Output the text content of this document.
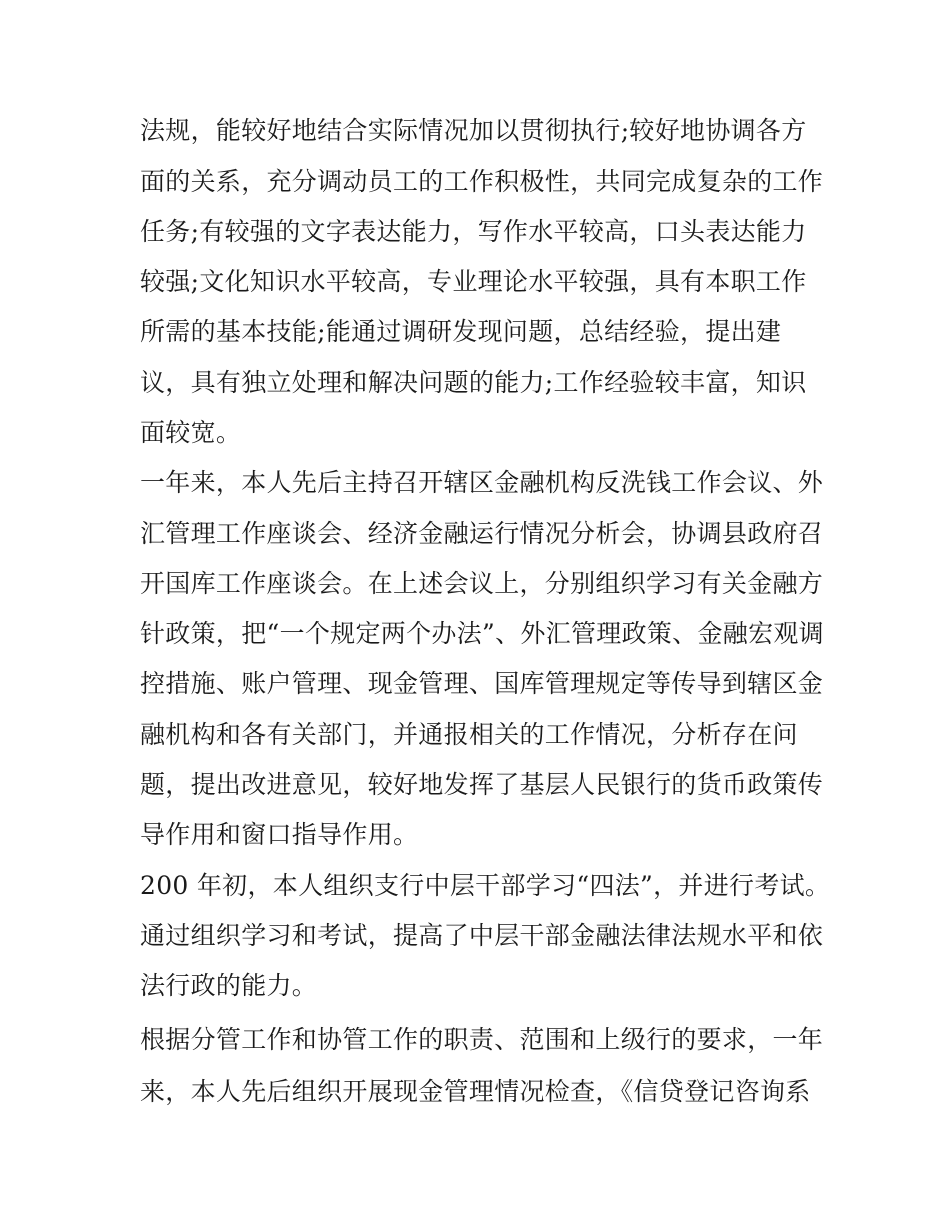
法规，能较好地结合实际情况加以贯彻执行;较好地协调各方
面的关系，充分调动员工的工作积极性，共同完成复杂的工作
任务;有较强的文字表达能力，写作水平较高，口头表达能力
较强;文化知识水平较高，专业理论水平较强，具有本职工作
所需的基本技能;能通过调研发现问题，总结经验，提出建
议，具有独立处理和解决问题的能力;工作经验较丰富，知识
面较宽。
一年来，本人先后主持召开辖区金融机构反洗钱工作会议、外
汇管理工作座谈会、经济金融运行情况分析会，协调县政府召
开国库工作座谈会。在上述会议上，分别组织学习有关金融方
针政策，把“一个规定两个办法”、外汇管理政策、金融宏观调
控措施、账户管理、现金管理、国库管理规定等传导到辖区金
融机构和各有关部门，并通报相关的工作情况，分析存在问
题，提出改进意见，较好地发挥了基层人民银行的货币政策传
导作用和窗口指导作用。
200 年初，本人组织支行中层干部学习“四法”，并进行考试。
通过组织学习和考试，提高了中层干部金融法律法规水平和依
法行政的能力。
根据分管工作和协管工作的职责、范围和上级行的要求，一年
来，本人先后组织开展现金管理情况检查，《信贷登记咨询系
